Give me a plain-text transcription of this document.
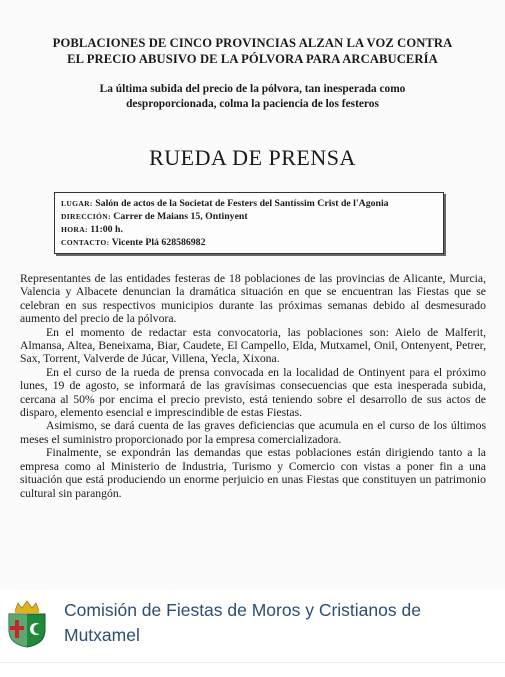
POBLACIONES DE CINCO PROVINCIAS ALZAN LA VOZ CONTRA
EL PRECIO ABUSIVO DE LA PÓLVORA PARA ARCABUCERÍA
La última subida del precio de la pólvora, tan inesperada como
desproporcionada, colma la paciencia de los festeros
RUEDA DE PRENSA
LUGAR: Salón de actos de la Societat de Festers del Santíssim Crist de l'Agonia
DIRECCIÓN: Carrer de Maians 15, Ontinyent
HORA: 11:00 h.
CONTACTO: Vicente Plá 628586982

Representantes de las entidades festeras de 18 poblaciones de las provincias de Alicante, Murcia, Valencia y Albacete denuncian la dramática situación en que se encuentran las Fiestas que se celebran en sus respectivos municipios durante las próximas semanas debido al desmesurado aumento del precio de la pólvora.

En el momento de redactar esta convocatoria, las poblaciones son: Aielo de Malferit, Almansa, Altea, Beneixama, Biar, Caudete, El Campello, Elda, Mutxamel, Onil, Ontenyent, Petrer, Sax, Torrent, Valverde de Júcar, Villena, Yecla, Xixona.

En el curso de la rueda de prensa convocada en la localidad de Ontinyent para el próximo lunes, 19 de agosto, se informará de las gravísimas consecuencias que esta inesperada subida, cercana al 50% por encima el precio previsto, está teniendo sobre el desarrollo de sus actos de disparo, elemento esencial e imprescindible de estas Fiestas.

Asimismo, se dará cuenta de las graves deficiencias que acumula en el curso de los últimos meses el suministro proporcionado por la empresa comercializadora.

Finalmente, se expondrán las demandas que estas poblaciones están dirigiendo tanto a la empresa como al Ministerio de Industria, Turismo y Comercio con vistas a poner fin a una situación que está produciendo un enorme perjuicio en unas Fiestas que constituyen un patrimonio cultural sin parangón.

Comisión de Fiestas de Moros y Cristianos de Mutxamel
